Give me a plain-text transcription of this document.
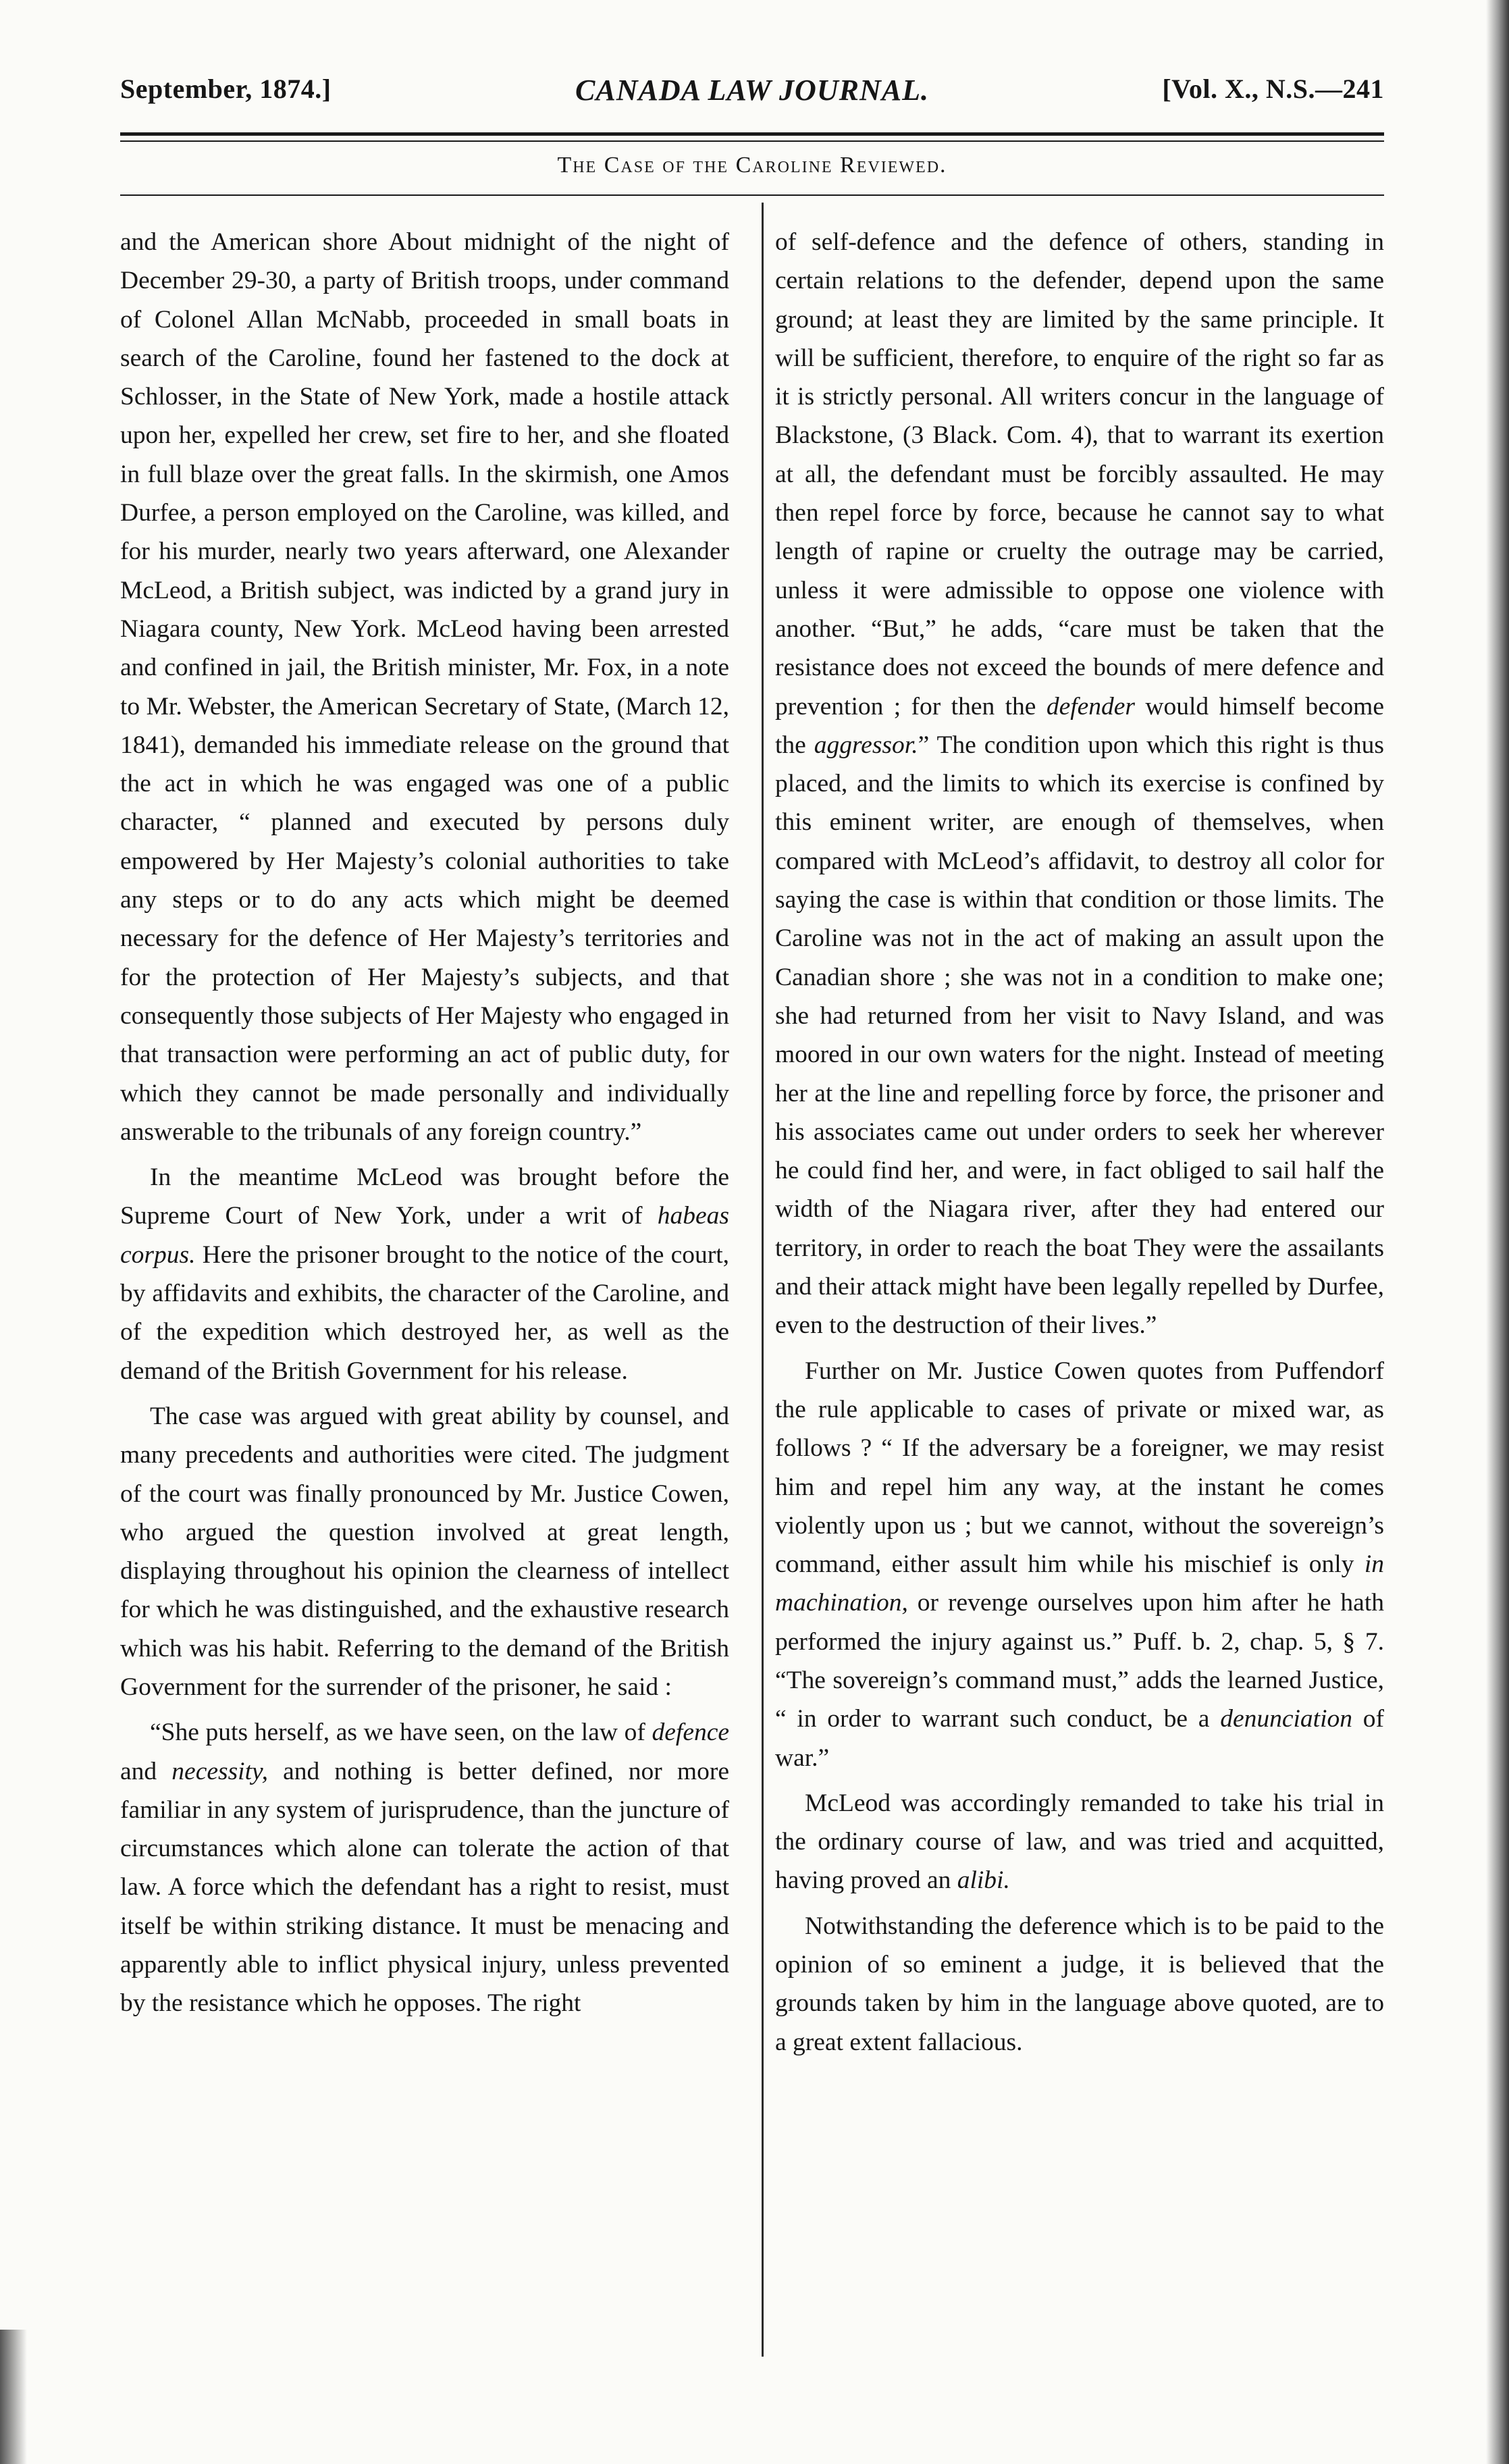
September, 1874.]	CANADA LAW JOURNAL.	[Vol. X., N.S.—241
The Case of the Caroline Reviewed.

and the American shore About midnight of the night of December 29-30, a party of British troops, under command of Colonel Allan McNabb, proceeded in small boats in search of the Caroline, found her fastened to the dock at Schlosser, in the State of New York, made a hostile attack upon her, expelled her crew, set fire to her, and she floated in full blaze over the great falls. In the skirmish, one Amos Durfee, a person employed on the Caroline, was killed, and for his murder, nearly two years afterward, one Alexander McLeod, a British subject, was indicted by a grand jury in Niagara county, New York. McLeod having been arrested and confined in jail, the British minister, Mr. Fox, in a note to Mr. Webster, the American Secretary of State, (March 12, 1841), demanded his immediate release on the ground that the act in which he was engaged was one of a public character, “ planned and executed by persons duly empowered by Her Majesty’s colonial authorities to take any steps or to do any acts which might be deemed necessary for the defence of Her Majesty’s territories and for the protection of Her Majesty’s subjects, and that consequently those subjects of Her Majesty who engaged in that transaction were performing an act of public duty, for which they cannot be made personally and individually answerable to the tribunals of any foreign country.”

In the meantime McLeod was brought before the Supreme Court of New York, under a writ of habeas corpus. Here the prisoner brought to the notice of the court, by affidavits and exhibits, the character of the Caroline, and of the expedition which destroyed her, as well as the demand of the British Government for his release.

The case was argued with great ability by counsel, and many precedents and authorities were cited. The judgment of the court was finally pronounced by Mr. Justice Cowen, who argued the question involved at great length, displaying throughout his opinion the clearness of intellect for which he was distinguished, and the exhaustive research which was his habit. Referring to the demand of the British Government for the surrender of the prisoner, he said :

“She puts herself, as we have seen, on the law of defence and necessity, and nothing is better defined, nor more familiar in any system of jurisprudence, than the juncture of circumstances which alone can tolerate the action of that law. A force which the defendant has a right to resist, must itself be within striking distance. It must be menacing and apparently able to inflict physical injury, unless prevented by the resistance which he opposes. The right

of self-defence and the defence of others, standing in certain relations to the defender, depend upon the same ground; at least they are limited by the same principle. It will be sufficient, therefore, to enquire of the right so far as it is strictly personal. All writers concur in the language of Blackstone, (3 Black. Com. 4), that to warrant its exertion at all, the defendant must be forcibly assaulted. He may then repel force by force, because he cannot say to what length of rapine or cruelty the outrage may be carried, unless it were admissible to oppose one violence with another. “But,” he adds, “care must be taken that the resistance does not exceed the bounds of mere defence and prevention ; for then the defender would himself become the aggressor.” The condition upon which this right is thus placed, and the limits to which its exercise is confined by this eminent writer, are enough of themselves, when compared with McLeod’s affidavit, to destroy all color for saying the case is within that condition or those limits. The Caroline was not in the act of making an assult upon the Canadian shore ; she was not in a condition to make one; she had returned from her visit to Navy Island, and was moored in our own waters for the night. Instead of meeting her at the line and repelling force by force, the prisoner and his associates came out under orders to seek her wherever he could find her, and were, in fact obliged to sail half the width of the Niagara river, after they had entered our territory, in order to reach the boat They were the assailants and their attack might have been legally repelled by Durfee, even to the destruction of their lives.”

Further on Mr. Justice Cowen quotes from Puffendorf the rule applicable to cases of private or mixed war, as follows ? “ If the adversary be a foreigner, we may resist him and repel him any way, at the instant he comes violently upon us ; but we cannot, without the sovereign’s command, either assult him while his mischief is only in machination, or revenge ourselves upon him after he hath performed the injury against us.” Puff. b. 2, chap. 5, § 7. “The sovereign’s command must,” adds the learned Justice, “ in order to warrant such conduct, be a denunciation of war.”

McLeod was accordingly remanded to take his trial in the ordinary course of law, and was tried and acquitted, having proved an alibi.

Notwithstanding the deference which is to be paid to the opinion of so eminent a judge, it is believed that the grounds taken by him in the language above quoted, are to a great extent fallacious.
